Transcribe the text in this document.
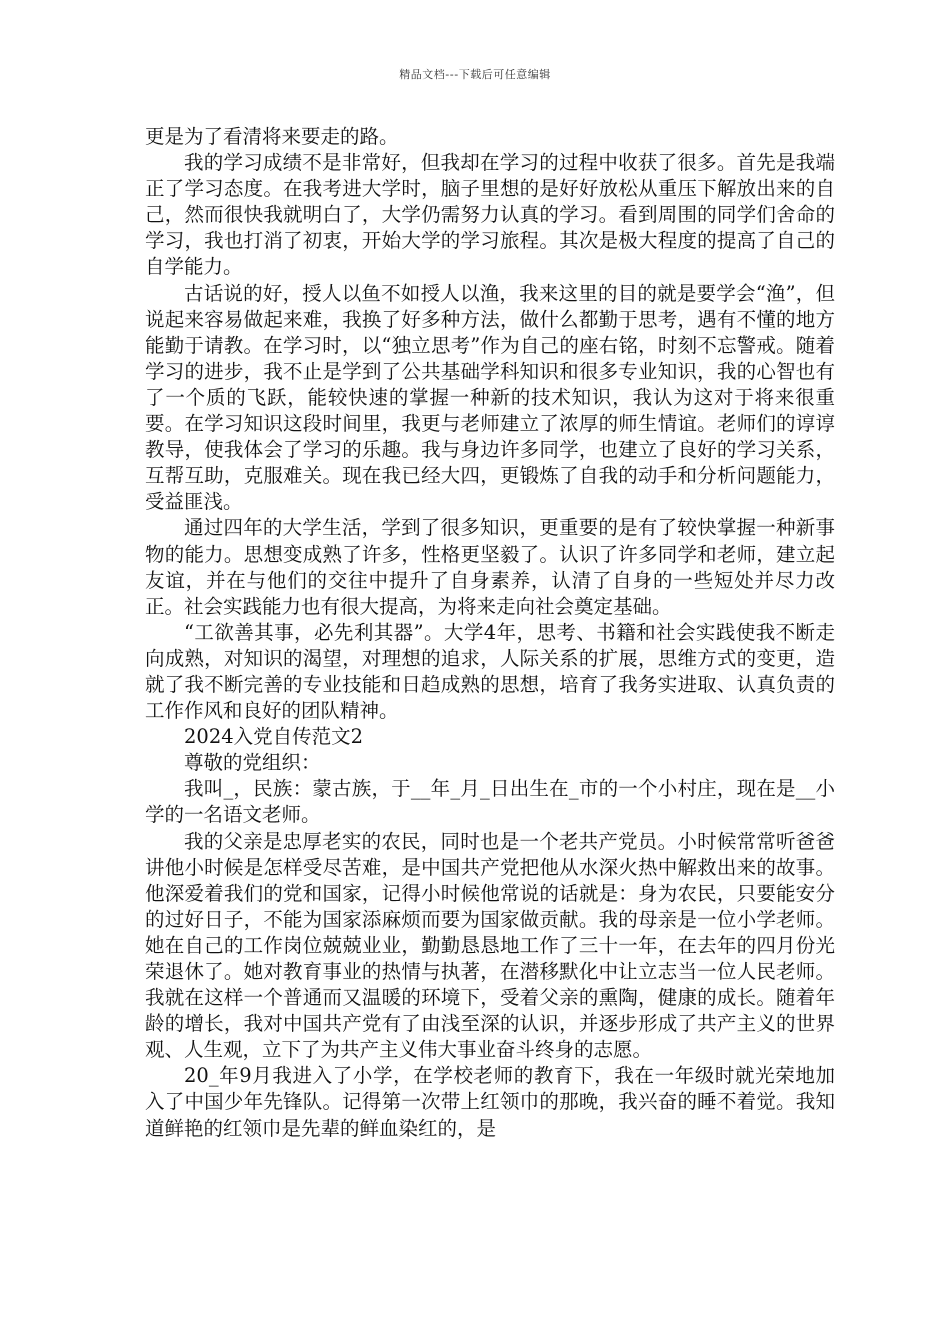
精品文档---下载后可任意编辑

更是为了看清将来要走的路。

我的学习成绩不是非常好，但我却在学习的过程中收获了很多。首先是我端正了学习态度。在我考进大学时，脑子里想的是好好放松从重压下解放出来的自己，然而很快我就明白了，大学仍需努力认真的学习。看到周围的同学们舍命的学习，我也打消了初衷，开始大学的学习旅程。其次是极大程度的提高了自己的自学能力。

古话说的好，授人以鱼不如授人以渔，我来这里的目的就是要学会“渔”，但说起来容易做起来难，我换了好多种方法，做什么都勤于思考，遇有不懂的地方能勤于请教。在学习时，以“独立思考”作为自己的座右铭，时刻不忘警戒。随着学习的进步，我不止是学到了公共基础学科知识和很多专业知识，我的心智也有了一个质的飞跃，能较快速的掌握一种新的技术知识，我认为这对于将来很重要。在学习知识这段时间里，我更与老师建立了浓厚的师生情谊。老师们的谆谆教导，使我体会了学习的乐趣。我与身边许多同学，也建立了良好的学习关系，互帮互助，克服难关。现在我已经大四，更锻炼了自我的动手和分析问题能力，受益匪浅。

通过四年的大学生活，学到了很多知识，更重要的是有了较快掌握一种新事物的能力。思想变成熟了许多，性格更坚毅了。认识了许多同学和老师，建立起友谊，并在与他们的交往中提升了自身素养，认清了自身的一些短处并尽力改正。社会实践能力也有很大提高，为将来走向社会奠定基础。

“工欲善其事，必先利其器”。大学4年，思考、书籍和社会实践使我不断走向成熟，对知识的渴望，对理想的追求，人际关系的扩展，思维方式的变更，造就了我不断完善的专业技能和日趋成熟的思想，培育了我务实进取、认真负责的工作作风和良好的团队精神。

2024入党自传范文2

尊敬的党组织：

我叫_，民族：蒙古族，于__年_月_日出生在_市的一个小村庄，现在是__小学的一名语文老师。

我的父亲是忠厚老实的农民，同时也是一个老共产党员。小时候常常听爸爸讲他小时候是怎样受尽苦难，是中国共产党把他从水深火热中解救出来的故事。他深爱着我们的党和国家，记得小时候他常说的话就是：身为农民，只要能安分的过好日子，不能为国家添麻烦而要为国家做贡献。我的母亲是一位小学老师。她在自己的工作岗位兢兢业业，勤勤恳恳地工作了三十一年，在去年的四月份光荣退休了。她对教育事业的热情与执著，在潜移默化中让立志当一位人民老师。我就在这样一个普通而又温暖的环境下，受着父亲的熏陶，健康的成长。随着年龄的增长，我对中国共产党有了由浅至深的认识，并逐步形成了共产主义的世界观、人生观，立下了为共产主义伟大事业奋斗终身的志愿。

20_年9月我进入了小学，在学校老师的教育下，我在一年级时就光荣地加入了中国少年先锋队。记得第一次带上红领巾的那晚，我兴奋的睡不着觉。我知道鲜艳的红领巾是先辈的鲜血染红的，是
